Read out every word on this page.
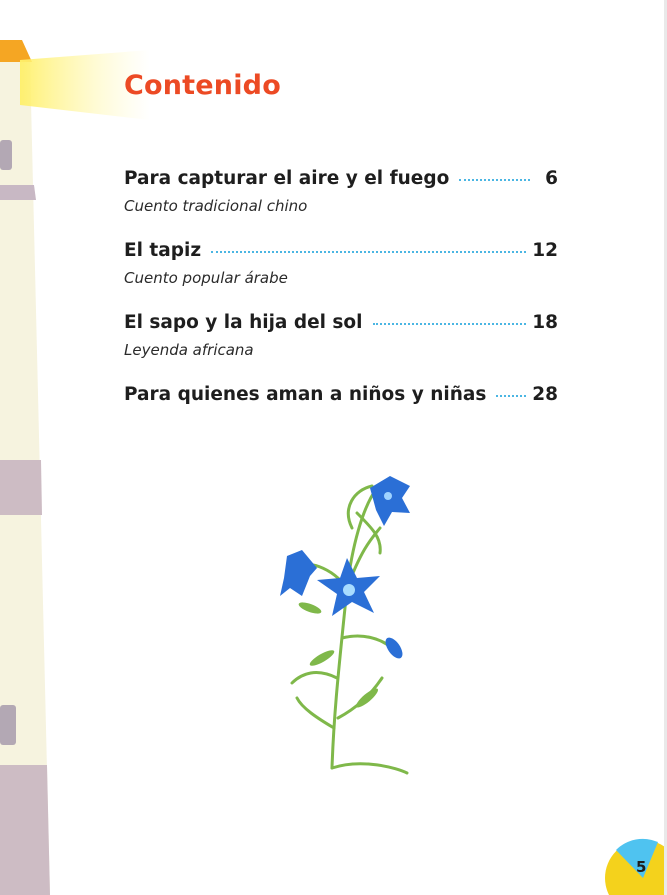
Contenido
Para capturar el aire y el fuego	6
Cuento tradicional chino
El tapiz	12
Cuento popular árabe
El sapo y la hija del sol	18
Leyenda africana
Para quienes aman a niños y niñas 28
5
